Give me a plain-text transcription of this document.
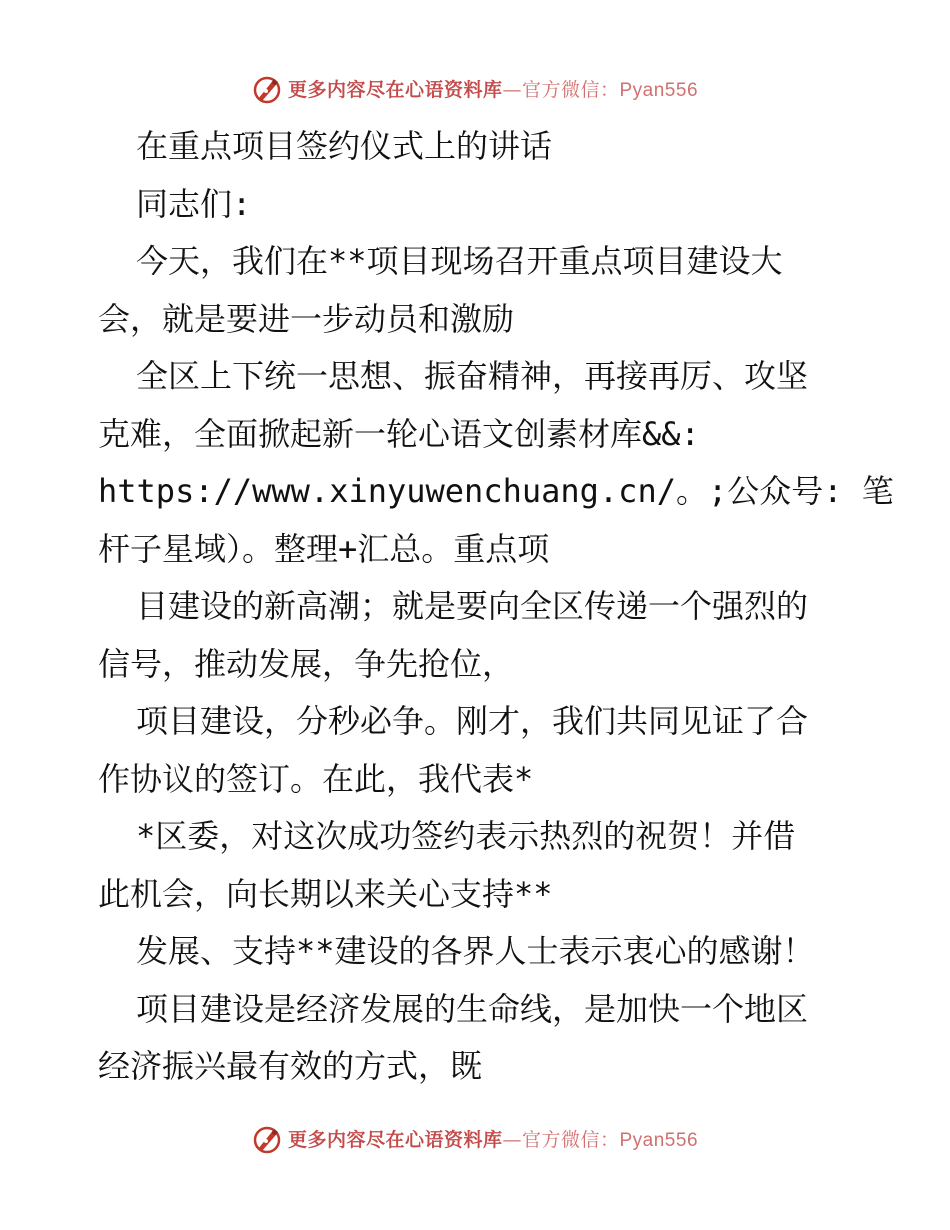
更多内容尽在心语资料库—官方微信：Pyan556
在重点项目签约仪式上的讲话
同志们:
今天，我们在**项目现场召开重点项目建设大
会，就是要进一步动员和激励
全区上下统一思想、振奋精神，再接再厉、攻坚
克难，全面掀起新一轮心语文创素材库&&:
https://www.xinyuwenchuang.cn/。;公众号: 笔
杆子星域）。整理+汇总。重点项
目建设的新高潮；就是要向全区传递一个强烈的
信号，推动发展，争先抢位，
项目建设，分秒必争。刚才，我们共同见证了合
作协议的签订。在此，我代表*
*区委，对这次成功签约表示热烈的祝贺！并借
此机会，向长期以来关心支持**
发展、支持**建设的各界人士表示衷心的感谢！
项目建设是经济发展的生命线，是加快一个地区
经济振兴最有效的方式，既
更多内容尽在心语资料库—官方微信：Pyan556
